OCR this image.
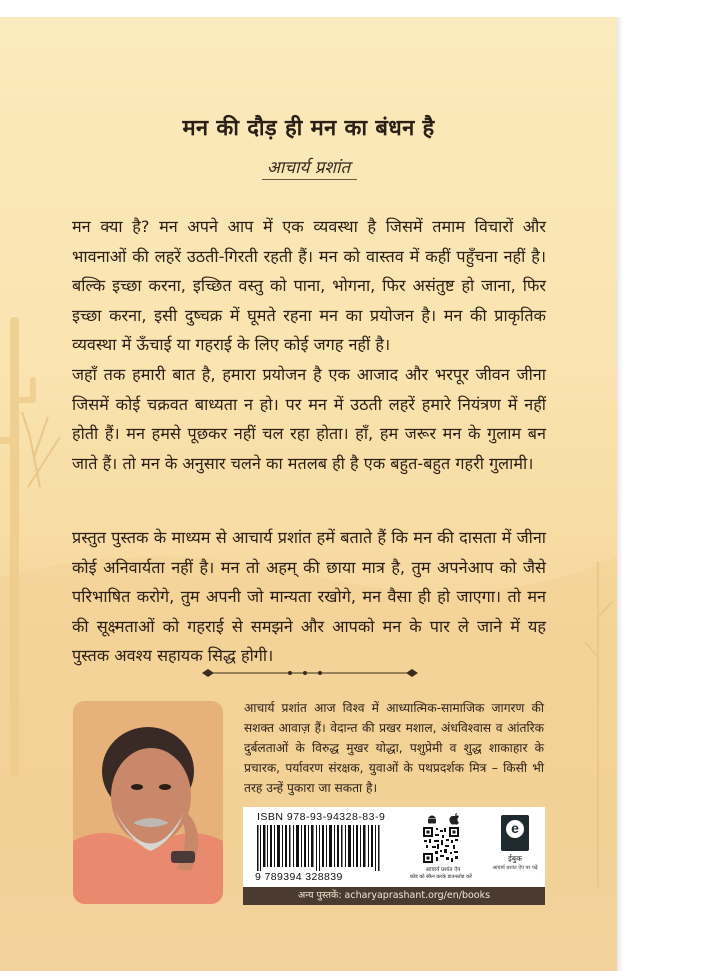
मन की दौड़ ही मन का बंधन है
आचार्य प्रशांत

मन क्या है? मन अपने आप में एक व्यवस्था है जिसमें तमाम विचारों और भावनाओं की लहरें उठती-गिरती रहती हैं। मन को वास्तव में कहीं पहुँचना नहीं है। बल्कि इच्छा करना, इच्छित वस्तु को पाना, भोगना, फिर असंतुष्ट हो जाना, फिर इच्छा करना, इसी दुष्चक्र में घूमते रहना मन का प्रयोजन है। मन की प्राकृतिक व्यवस्था में ऊँचाई या गहराई के लिए कोई जगह नहीं है।

जहाँ तक हमारी बात है, हमारा प्रयोजन है एक आजाद और भरपूर जीवन जीना जिसमें कोई चक्रवत बाध्यता न हो। पर मन में उठती लहरें हमारे नियंत्रण में नहीं होती हैं। मन हमसे पूछकर नहीं चल रहा होता। हाँ, हम जरूर मन के गुलाम बन जाते हैं। तो मन के अनुसार चलने का मतलब ही है एक बहुत-बहुत गहरी गुलामी।

प्रस्तुत पुस्तक के माध्यम से आचार्य प्रशांत हमें बताते हैं कि मन की दासता में जीना कोई अनिवार्यता नहीं है। मन तो अहम् की छाया मात्र है, तुम अपनेआप को जैसे परिभाषित करोगे, तुम अपनी जो मान्यता रखोगे, मन वैसा ही हो जाएगा। तो मन की सूक्ष्मताओं को गहराई से समझने और आपको मन के पार ले जाने में यह पुस्तक अवश्य सहायक सिद्ध होगी।

आचार्य प्रशांत आज विश्व में आध्यात्मिक-सामाजिक जागरण की सशक्त आवाज़ हैं। वेदान्त की प्रखर मशाल, अंधविश्वास व आंतरिक दुर्बलताओं के विरुद्ध मुखर योद्धा, पशुप्रेमी व शुद्ध शाकाहार के प्रचारक, पर्यावरण संरक्षक, युवाओं के पथप्रदर्शक मित्र – किसी भी तरह उन्हें पुकारा जा सकता है।

ISBN 978-93-94328-83-9
9 789394 328839
आचार्य प्रशांत ऐप
कोड को स्कैन करके डाउनलोड करें
e
ईबुक
आचार्य प्रशांत ऐप पर पढ़ें
अन्य पुस्तकें: acharyaprashant.org/en/books
